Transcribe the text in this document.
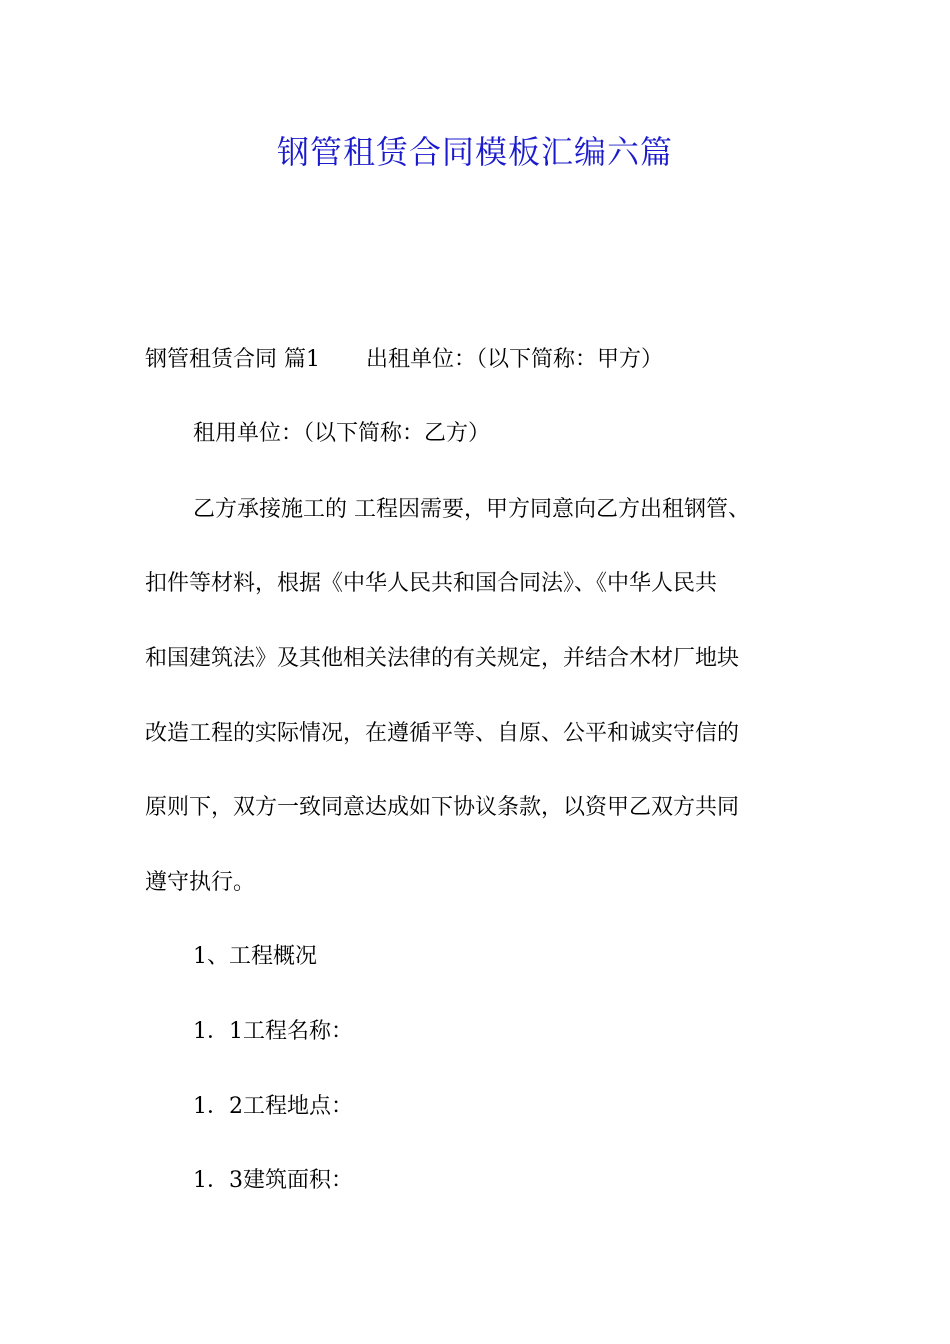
钢管租赁合同模板汇编六篇
钢管租赁合同 篇1 出租单位：（以下简称：甲方）
租用单位：（以下简称：乙方）
乙方承接施工的 工程因需要，甲方同意向乙方出租钢管、
扣件等材料，根据《中华人民共和国合同法》、《中华人民共
和国建筑法》及其他相关法律的有关规定，并结合木材厂地块
改造工程的实际情况，在遵循平等、自原、公平和诚实守信的
原则下，双方一致同意达成如下协议条款，以资甲乙双方共同
遵守执行。
1、工程概况
1．1工程名称：
1．2工程地点：
1．3建筑面积：
